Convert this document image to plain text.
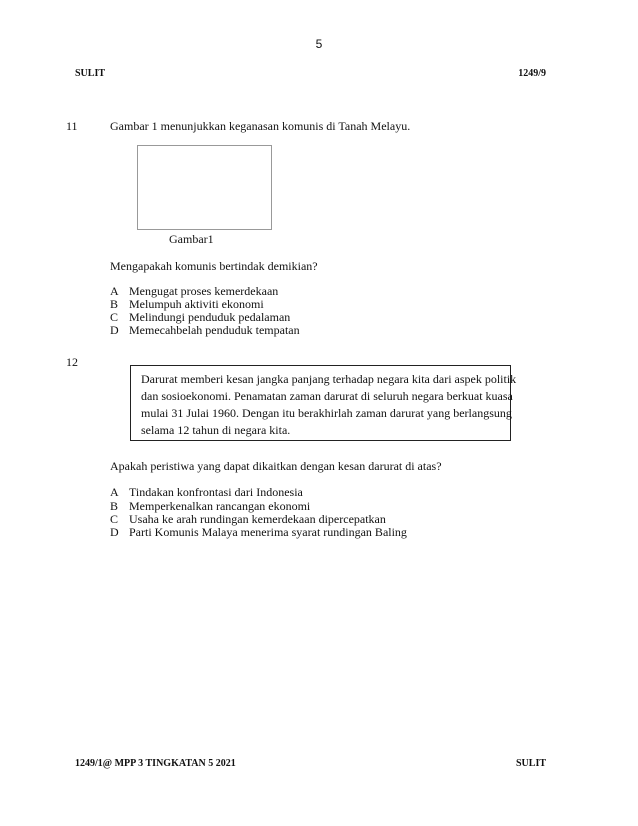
5
SULIT	1249/9
11	Gambar 1 menunjukkan keganasan komunis di Tanah Melayu.
Gambar1
Mengapakah komunis bertindak demikian?
A Mengugat proses kemerdekaan
B Melumpuh aktiviti ekonomi
C Melindungi penduduk pedalaman
D Memecahbelah penduduk tempatan
12
Darurat memberi kesan jangka panjang terhadap negara kita dari aspek politik
dan sosioekonomi. Penamatan zaman darurat di seluruh negara berkuat kuasa
mulai 31 Julai 1960. Dengan itu berakhirlah zaman darurat yang berlangsung
selama 12 tahun di negara kita.
Apakah peristiwa yang dapat dikaitkan dengan kesan darurat di atas?
A Tindakan konfrontasi dari Indonesia
B Memperkenalkan rancangan ekonomi
C Usaha ke arah rundingan kemerdekaan dipercepatkan
D Parti Komunis Malaya menerima syarat rundingan Baling
1249/1@ MPP 3 TINGKATAN 5 2021	SULIT
